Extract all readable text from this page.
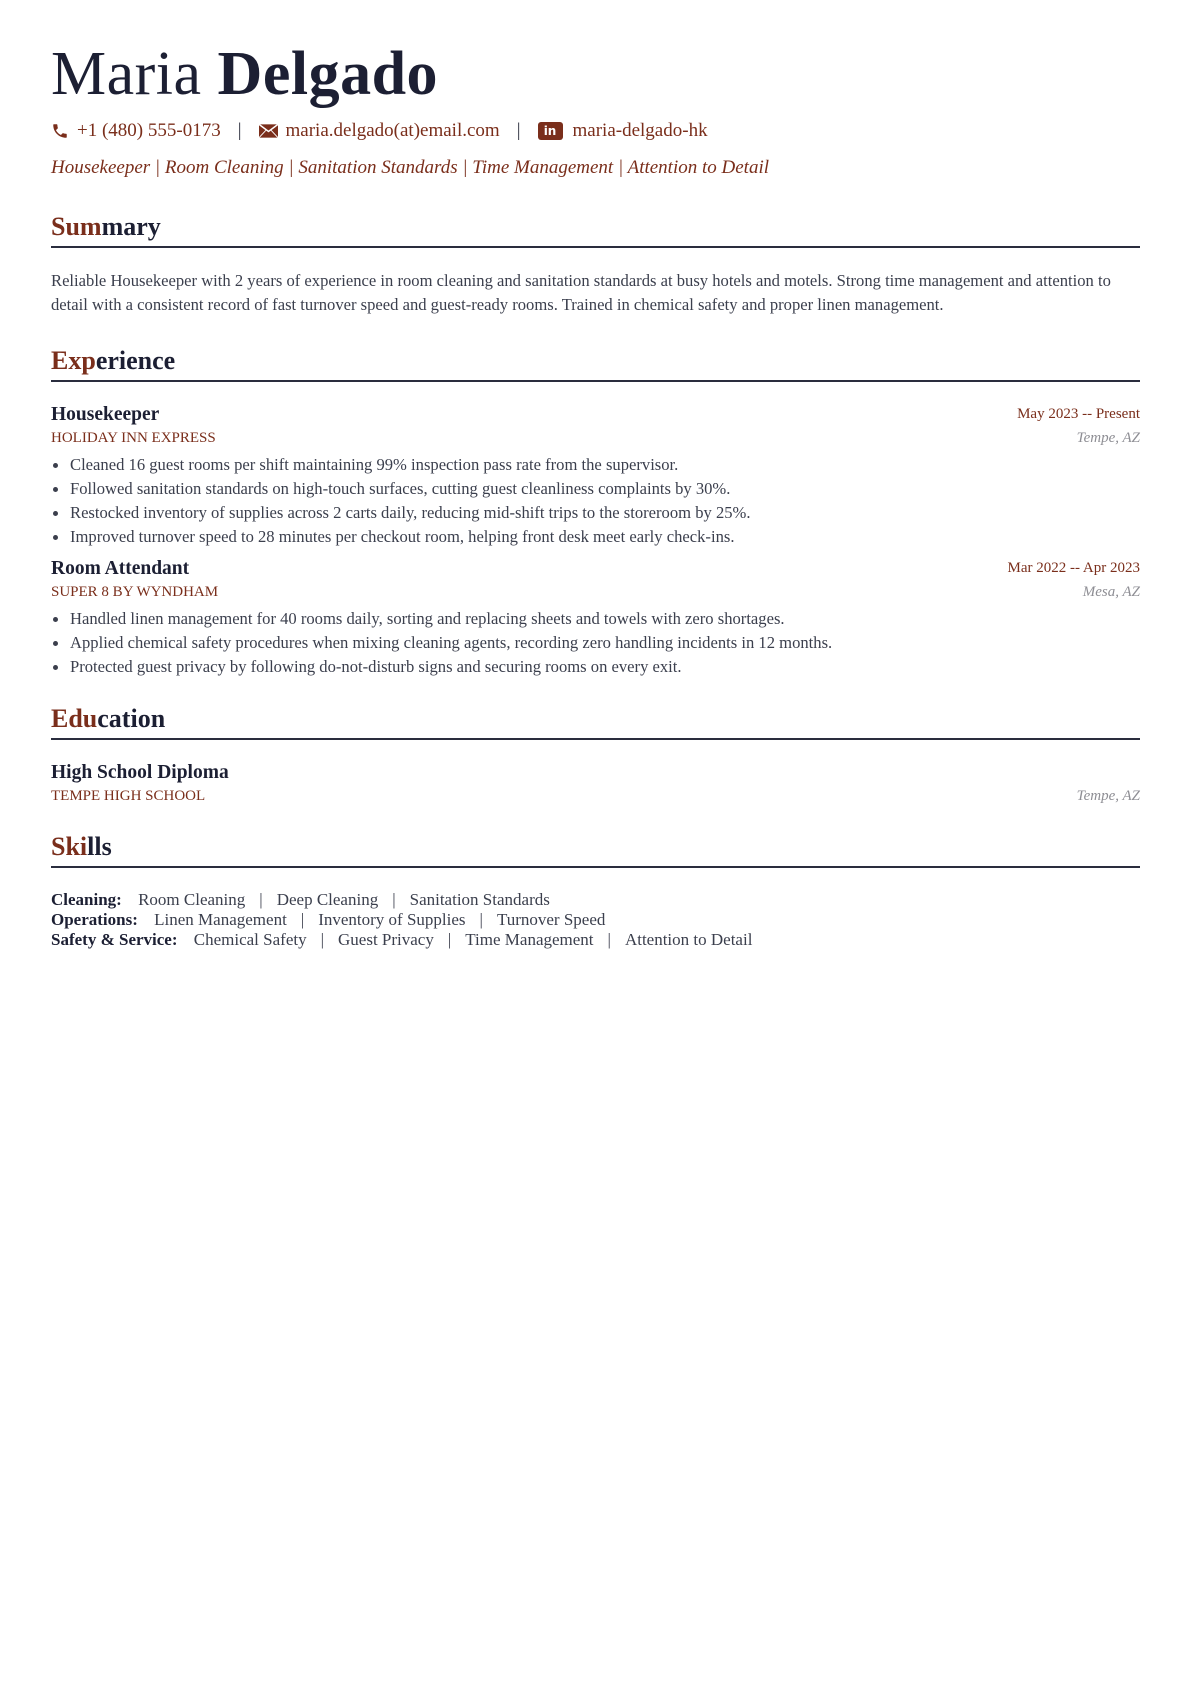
Maria Delgado
+1 (480) 555-0173 | maria.delgado(at)email.com |	in maria-delgado-hk
Housekeeper | Room Cleaning | Sanitation Standards | Time Management | Attention to Detail
Summary
Reliable Housekeeper with 2 years of experience in room cleaning and sanitation standards at busy hotels and motels. Strong time management and attention to detail with a consistent record of fast turnover speed and guest-ready rooms. Trained in chemical safety and proper linen management.
Experience
Housekeeper	May 2023 -- Present
HOLIDAY INN EXPRESS	Tempe, AZ
Cleaned 16 guest rooms per shift maintaining 99% inspection pass rate from the supervisor.
Followed sanitation standards on high-touch surfaces, cutting guest cleanliness complaints by 30%.
Restocked inventory of supplies across 2 carts daily, reducing mid-shift trips to the storeroom by 25%.
Improved turnover speed to 28 minutes per checkout room, helping front desk meet early check-ins.
Room Attendant	Mar 2022 -- Apr 2023
SUPER 8 BY WYNDHAM	Mesa, AZ
Handled linen management for 40 rooms daily, sorting and replacing sheets and towels with zero shortages.
Applied chemical safety procedures when mixing cleaning agents, recording zero handling incidents in 12 months.
Protected guest privacy by following do-not-disturb signs and securing rooms on every exit.
Education
High School Diploma
TEMPE HIGH SCHOOL	Tempe, AZ
Skills
Cleaning: Room Cleaning | Deep Cleaning | Sanitation Standards
Operations: Linen Management | Inventory of Supplies | Turnover Speed
Safety & Service: Chemical Safety | Guest Privacy | Time Management | Attention to Detail
